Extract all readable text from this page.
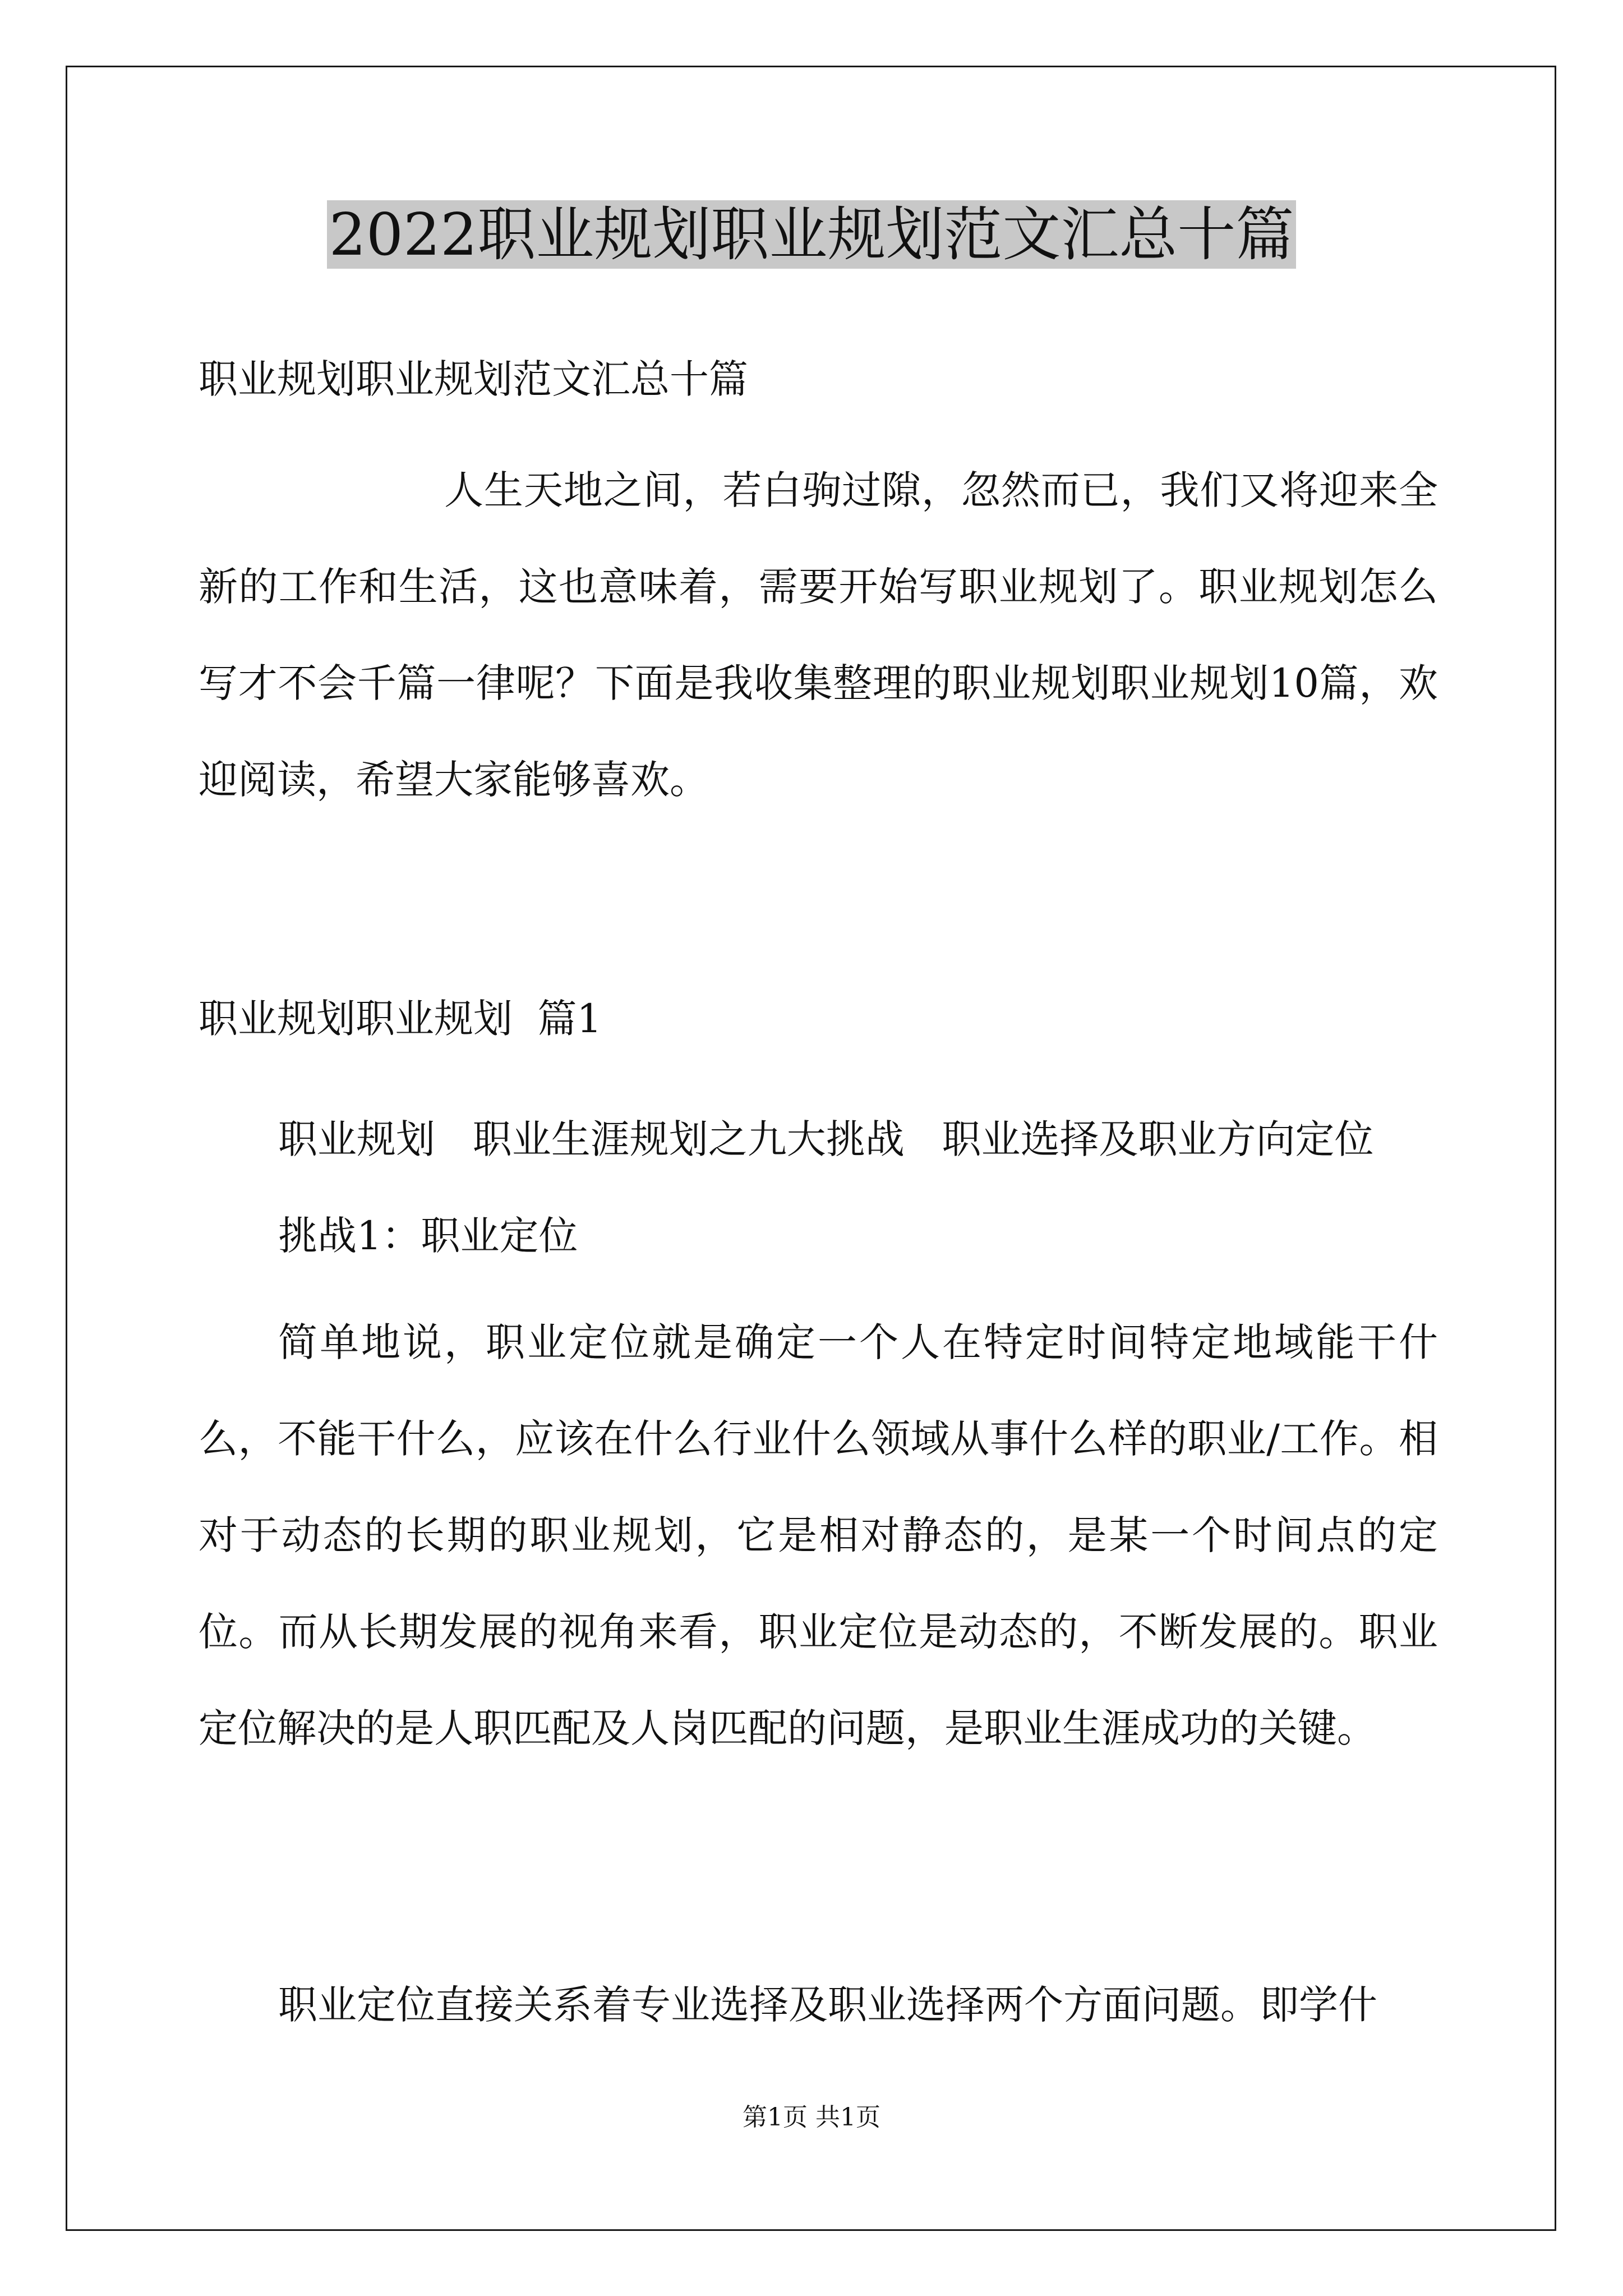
2022职业规划职业规划范文汇总十篇

职业规划职业规划范文汇总十篇

人生天地之间，若白驹过隙，忽然而已，我们又将迎来全新的工作和生活，这也意味着，需要开始写职业规划了。职业规划怎么写才不会千篇一律呢？下面是我收集整理的职业规划职业规划10篇，欢迎阅读，希望大家能够喜欢。

职业规划职业规划  篇1

职业规划   职业生涯规划之九大挑战   职业选择及职业方向定位

挑战1：职业定位

简单地说，职业定位就是确定一个人在特定时间特定地域能干什么，不能干什么，应该在什么行业什么领域从事什么样的职业/工作。相对于动态的长期的职业规划，它是相对静态的，是某一个时间点的定位。而从长期发展的视角来看，职业定位是动态的，不断发展的。职业定位解决的是人职匹配及人岗匹配的问题，是职业生涯成功的关键。

职业定位直接关系着专业选择及职业选择两个方面问题。即学什

第1页 共1页
